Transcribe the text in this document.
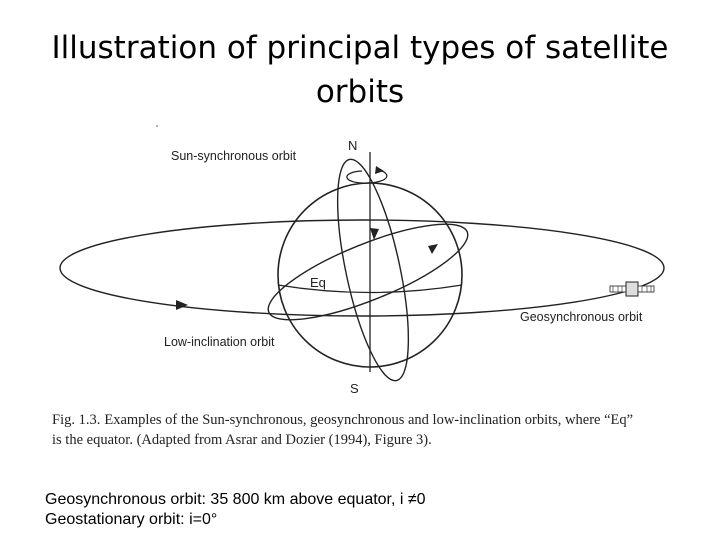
Illustration of principal types of satellite orbits
N
S
Eq
Sun-synchronous orbit
Geosynchronous orbit
Low-inclination orbit
Fig. 1.3. Examples of the Sun-synchronous, geosynchronous and low-inclination orbits, where “Eq”
is the equator. (Adapted from Asrar and Dozier (1994), Figure 3).
Geosynchronous orbit: 35 800 km above equator, i ≠0
Geostationary orbit: i=0°
